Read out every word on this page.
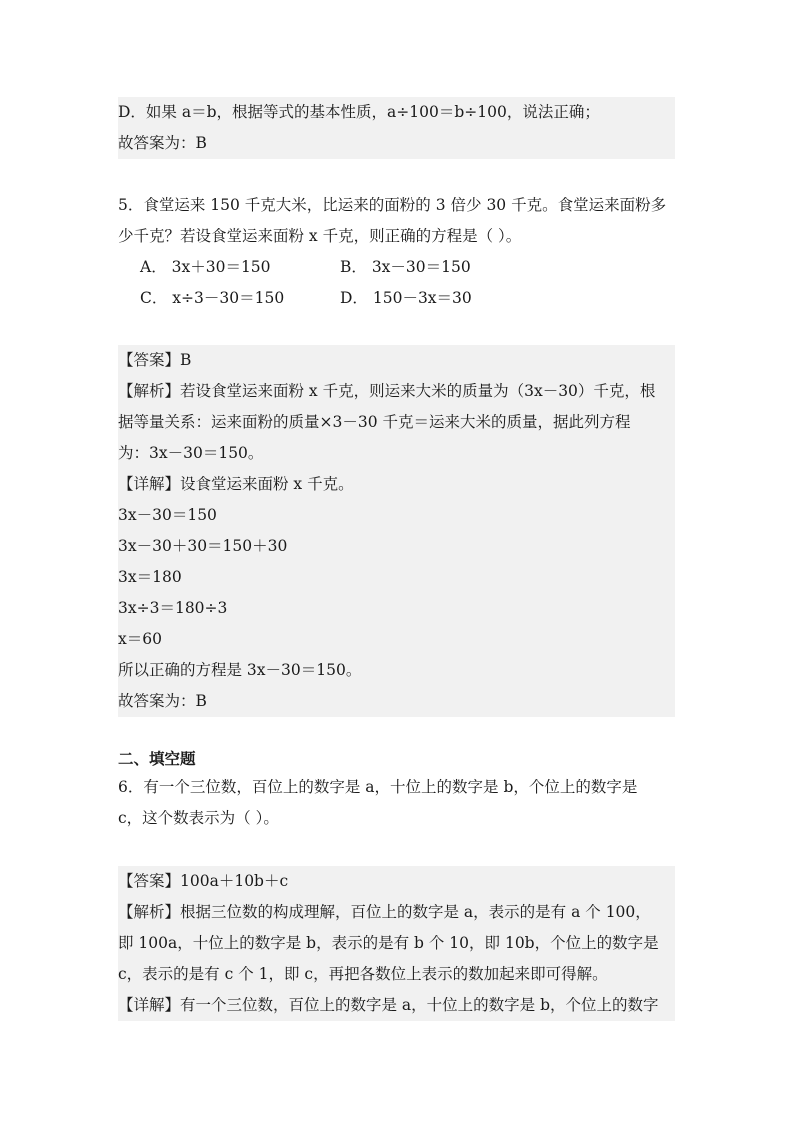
D．如果 a＝b，根据等式的基本性质，a÷100＝b÷100，说法正确；
故答案为：B
5．食堂运来 150 千克大米，比运来的面粉的 3 倍少 30 千克。食堂运来面粉多
少千克？若设食堂运来面粉 x 千克，则正确的方程是（ ）。
A． 3x＋30＝150	B． 3x－30＝150
C． x÷3－30＝150	D． 150－3x＝30
【答案】B
【解析】若设食堂运来面粉 x 千克，则运来大米的质量为（3x－30）千克，根
据等量关系：运来面粉的质量×3－30 千克＝运来大米的质量，据此列方程
为：3x－30＝150。
【详解】设食堂运来面粉 x 千克。
3x－30＝150
3x－30＋30＝150＋30
3x＝180
3x÷3＝180÷3
x＝60
所以正确的方程是 3x－30＝150。
故答案为：B
二、填空题
6．有一个三位数，百位上的数字是 a，十位上的数字是 b，个位上的数字是
c，这个数表示为（ ）。
【答案】100a＋10b＋c
【解析】根据三位数的构成理解，百位上的数字是 a，表示的是有 a 个 100，
即 100a，十位上的数字是 b，表示的是有 b 个 10，即 10b，个位上的数字是
c，表示的是有 c 个 1，即 c，再把各数位上表示的数加起来即可得解。
【详解】有一个三位数，百位上的数字是 a，十位上的数字是 b，个位上的数字
